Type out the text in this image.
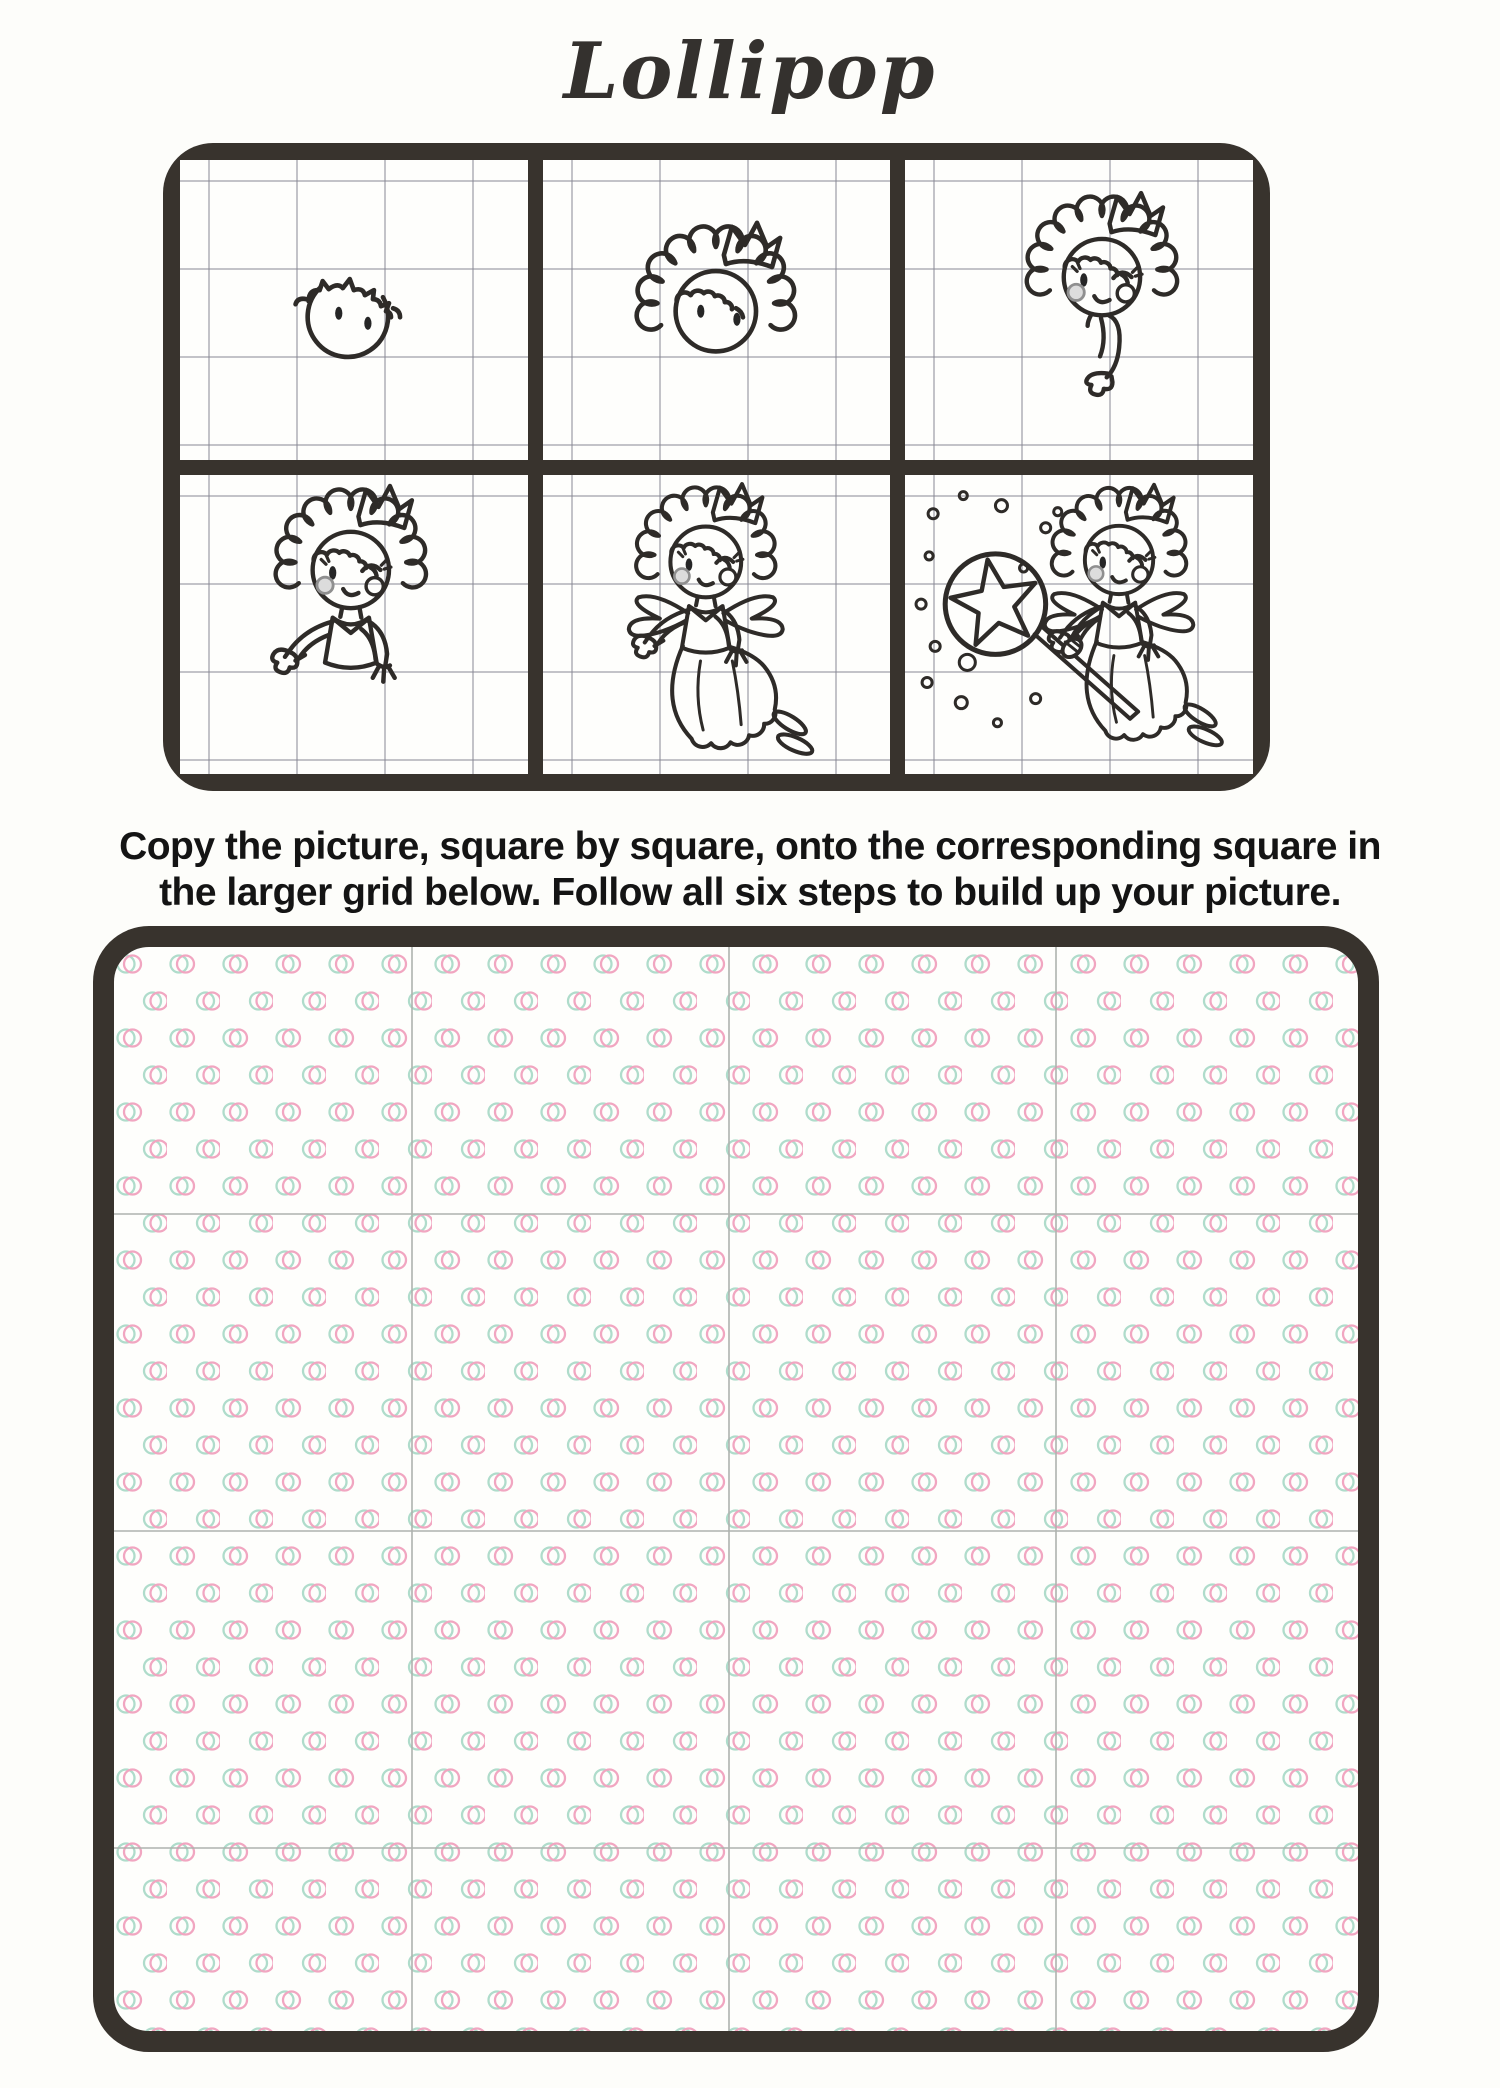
Lollipop
Copy the picture, square by square, onto the corresponding square in
the larger grid below. Follow all six steps to build up your picture.
